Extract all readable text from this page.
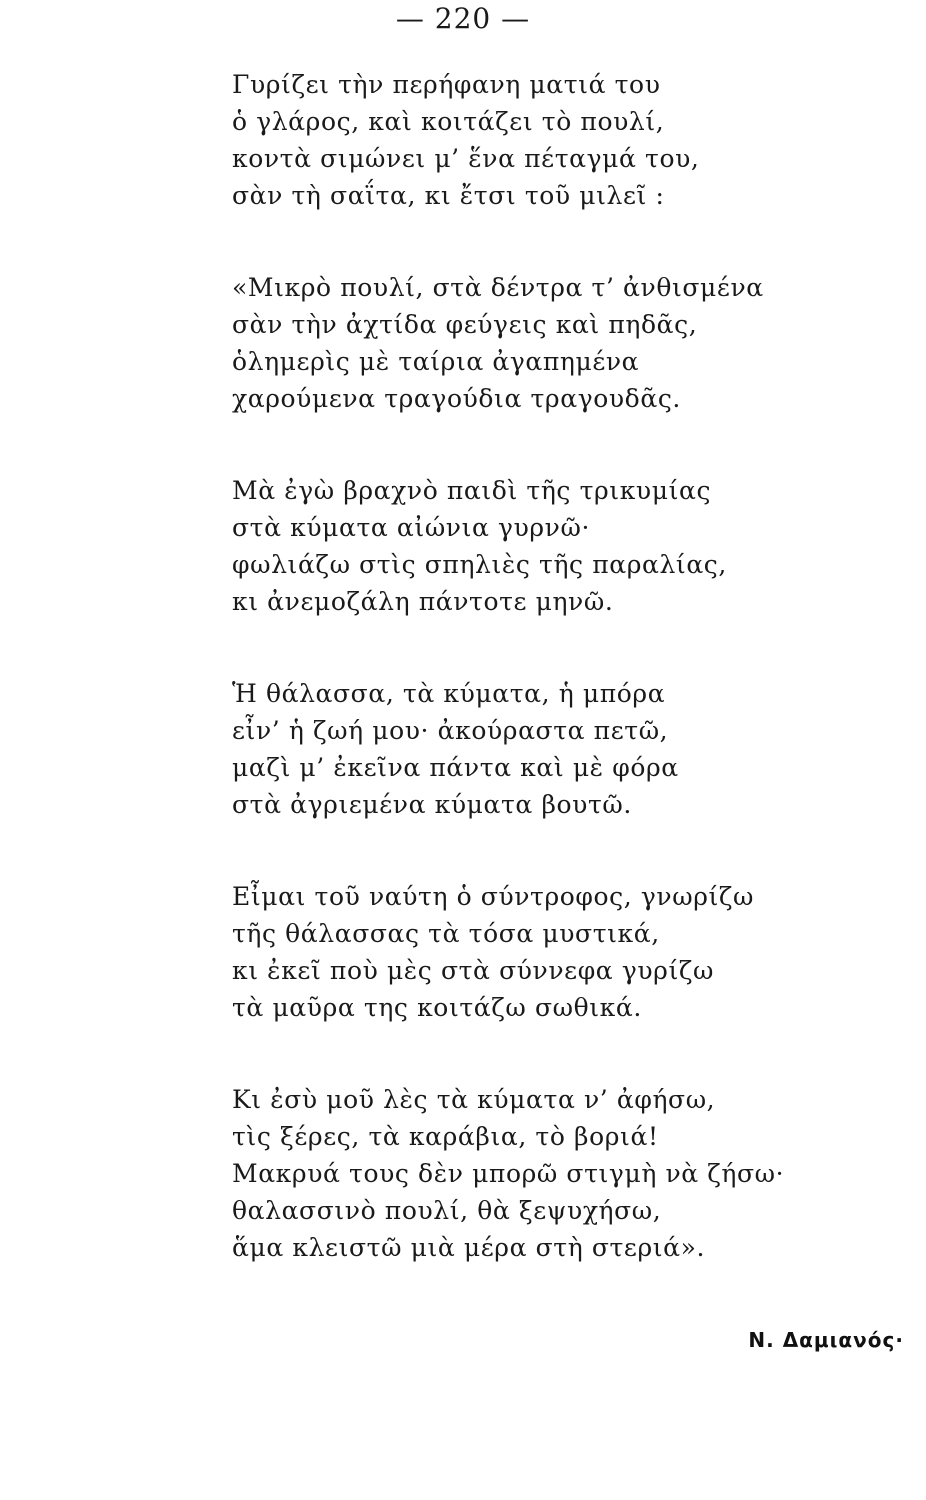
— 220 —
Γυρίζει τὴν περήφανη ματιά του
ὁ γλάρος, καὶ κοιτάζει τὸ πουλί,
κοντὰ σιμώνει μ’ ἕνα πέταγμά του,
σὰν τὴ σαΐτα, κι ἔτσι τοῦ μιλεῖ :
«Μικρὸ πουλί, στὰ δέντρα τ’ ἀνθισμένα
σὰν τὴν ἀχτίδα φεύγεις καὶ πηδᾶς,
ὁλημερὶς μὲ ταίρια ἀγαπημένα
χαρούμενα τραγούδια τραγουδᾶς.
Μὰ ἐγὼ βραχνὸ παιδὶ τῆς τρικυμίας
στὰ κύματα αἰώνια γυρνῶ·
φωλιάζω στὶς σπηλιὲς τῆς παραλίας,
κι ἀνεμοζάλη πάντοτε μηνῶ.
Ἡ θάλασσα, τὰ κύματα, ἡ μπόρα
εἶν’ ἡ ζωή μου· ἀκούραστα πετῶ,
μαζὶ μ’ ἐκεῖνα πάντα καὶ μὲ φόρα
στὰ ἀγριεμένα κύματα βουτῶ.
Εἶμαι τοῦ ναύτη ὁ σύντροφος, γνωρίζω
τῆς θάλασσας τὰ τόσα μυστικά,
κι ἐκεῖ ποὺ μὲς στὰ σύννεφα γυρίζω
τὰ μαῦρα της κοιτάζω σωθικά.
Κι ἐσὺ μοῦ λὲς τὰ κύματα ν’ ἀφήσω,
τὶς ξέρες, τὰ καράβια, τὸ βοριά!
Μακρυά τους δὲν μπορῶ στιγμὴ νὰ ζήσω·
θαλασσινὸ πουλί, θὰ ξεψυχήσω,
ἅμα κλειστῶ μιὰ μέρα στὴ στεριά».
Ν. Δαμιανός·
